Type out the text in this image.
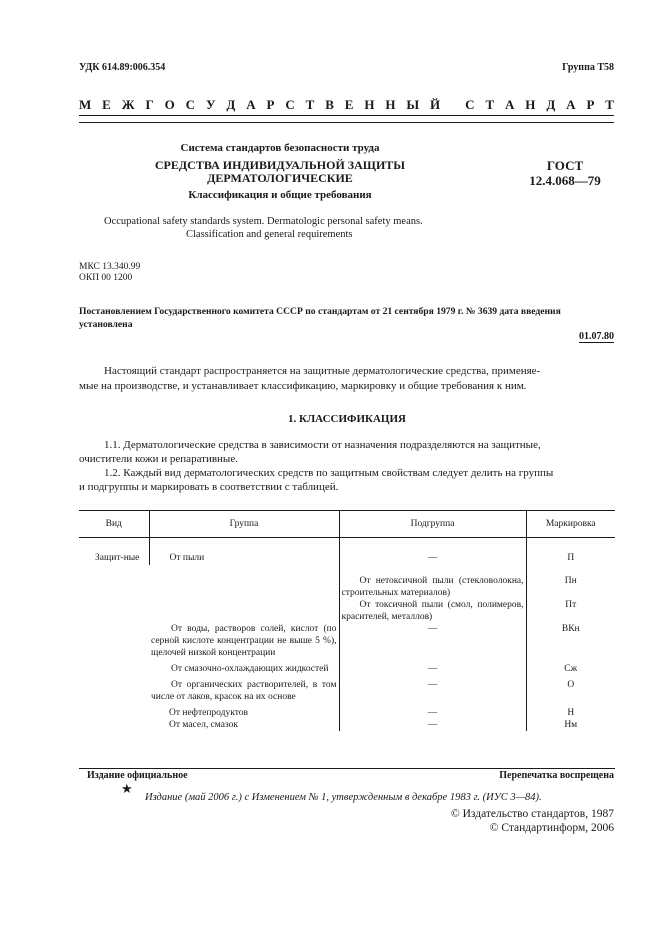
УДК 614.89:006.354	Группа Т58
М Е Ж Г О С У Д А Р С Т В Е Н Н Ы Й
С Т А Н Д А Р Т
Система стандартов безопасности труда
СРЕДСТВА ИНДИВИДУАЛЬНОЙ ЗАЩИТЫ
ДЕРМАТОЛОГИЧЕСКИЕ
Классификация и общие требования
ГОСТ
12.4.068—79
Occupational safety standards system. Dermatologic personal safety means.
Classification and general requirements
МКС 13.340.99
ОКП 00 1200
Постановлением Государственного комитета СССР по стандартам от 21 сентября 1979 г. № 3639 дата введения
установлена
01.07.80
Настоящий стандарт распространяется на защитные дерматологические средства, применяе-
мые на производстве, и устанавливает классификацию, маркировку и общие требования к ним.
1. КЛАССИФИКАЦИЯ
1.1. Дерматологические средства в зависимости от назначения подразделяются на защитные,
очистители кожи и репаративные.
1.2. Каждый вид дерматологических средств по защитным свойствам следует делить на группы
и подгруппы и маркировать в соответствии с таблицей.
Вид	Группа	Подгруппа	Маркировка

Защит-ные	От пыли	—	П
		От нетоксичной пыли (стекловолокна, строительных материалов)	Пн
		От токсичной пыли (смол, полимеров, красителей, металлов)	Пт
	От воды, растворов солей, кислот (по серной кислоте концентрации не выше 5 %), щелочей низкой концентрации	—	ВКн
	От смазочно-охлаждающих жидкостей	—	Сж
	От органических растворителей, в том числе от лаков, красок на их основе	—	О
	От нефтепродуктов	—	Н
	От масел, смазок	—	Нм
Издание официальное	Перепечатка воспрещена
★
Издание (май 2006 г.) с Изменением № 1, утвержденным в декабре 1983 г. (ИУС 3—84).
© Издательство стандартов, 1987
© Стандартинформ, 2006
